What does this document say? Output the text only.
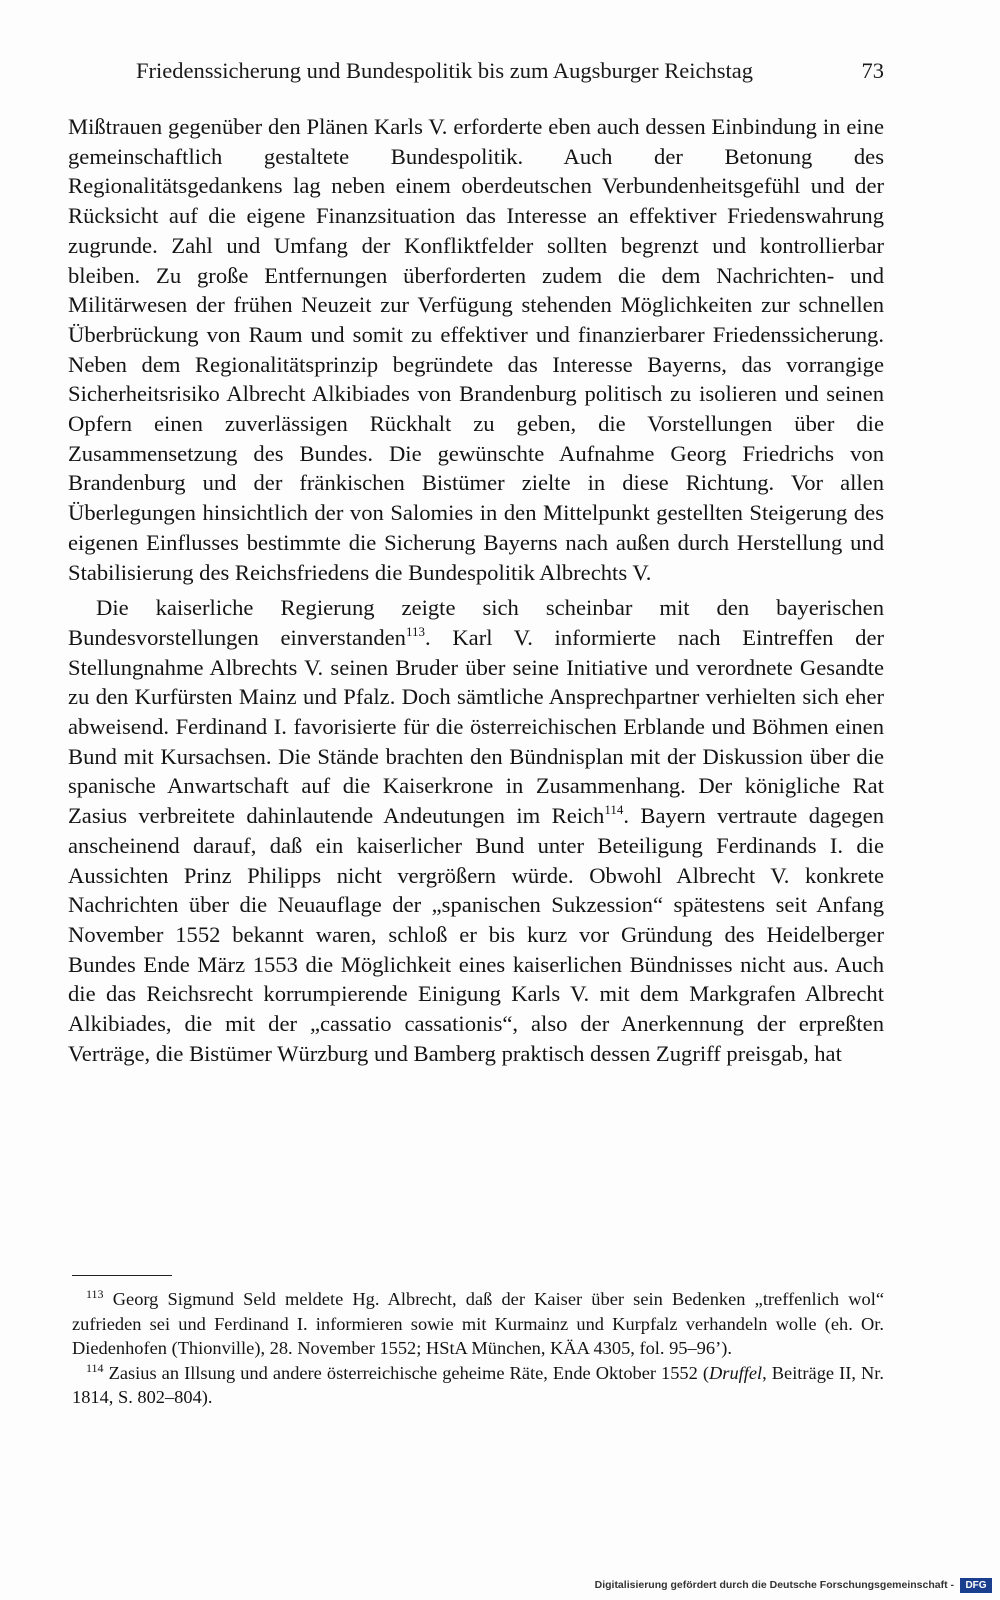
Friedenssicherung und Bundespolitik bis zum Augsburger Reichstag	73

Mißtrauen gegenüber den Plänen Karls V. erforderte eben auch dessen Einbindung in eine gemeinschaftlich gestaltete Bundespolitik. Auch der Betonung des Regionalitätsgedankens lag neben einem oberdeutschen Verbundenheitsgefühl und der Rücksicht auf die eigene Finanzsituation das Interesse an effektiver Friedenswahrung zugrunde. Zahl und Umfang der Konfliktfelder sollten begrenzt und kontrollierbar bleiben. Zu große Entfernungen überforderten zudem die dem Nachrichten- und Militärwesen der frühen Neuzeit zur Verfügung stehenden Möglichkeiten zur schnellen Überbrückung von Raum und somit zu effektiver und finanzierbarer Friedenssicherung. Neben dem Regionalitätsprinzip begründete das Interesse Bayerns, das vorrangige Sicherheitsrisiko Albrecht Alkibiades von Brandenburg politisch zu isolieren und seinen Opfern einen zuverlässigen Rückhalt zu geben, die Vorstellungen über die Zusammensetzung des Bundes. Die gewünschte Aufnahme Georg Friedrichs von Brandenburg und der fränkischen Bistümer zielte in diese Richtung. Vor allen Überlegungen hinsichtlich der von Salomies in den Mittelpunkt gestellten Steigerung des eigenen Einflusses bestimmte die Sicherung Bayerns nach außen durch Herstellung und Stabilisierung des Reichsfriedens die Bundespolitik Albrechts V.

Die kaiserliche Regierung zeigte sich scheinbar mit den bayerischen Bundesvorstellungen einverstanden$^{113}$. Karl V. informierte nach Eintreffen der Stellungnahme Albrechts V. seinen Bruder über seine Initiative und verordnete Gesandte zu den Kurfürsten Mainz und Pfalz. Doch sämtliche Ansprechpartner verhielten sich eher abweisend. Ferdinand I. favorisierte für die österreichischen Erblande und Böhmen einen Bund mit Kursachsen. Die Stände brachten den Bündnisplan mit der Diskussion über die spanische Anwartschaft auf die Kaiserkrone in Zusammenhang. Der königliche Rat Zasius verbreitete dahinlautende Andeutungen im Reich$^{114}$. Bayern vertraute dagegen anscheinend darauf, daß ein kaiserlicher Bund unter Beteiligung Ferdinands I. die Aussichten Prinz Philipps nicht vergrößern würde. Obwohl Albrecht V. konkrete Nachrichten über die Neuauflage der „spanischen Sukzession“ spätestens seit Anfang November 1552 bekannt waren, schloß er bis kurz vor Gründung des Heidelberger Bundes Ende März 1553 die Möglichkeit eines kaiserlichen Bündnisses nicht aus. Auch die das Reichsrecht korrumpierende Einigung Karls V. mit dem Markgrafen Albrecht Alkibiades, die mit der „cassatio cassationis“, also der Anerkennung der erpreßten Verträge, die Bistümer Würzburg und Bamberg praktisch dessen Zugriff preisgab, hat

$^{113}$ Georg Sigmund Seld meldete Hg. Albrecht, daß der Kaiser über sein Bedenken „treffenlich wol“ zufrieden sei und Ferdinand I. informieren sowie mit Kurmainz und Kurpfalz verhandeln wolle (eh. Or. Diedenhofen (Thionville), 28. November 1552; HStA München, KÄA 4305, fol. 95–96’).

$^{114}$ Zasius an Illsung und andere österreichische geheime Räte, Ende Oktober 1552 (Druffel, Beiträge II, Nr. 1814, S. 802–804).

Digitalisierung gefördert durch die Deutsche Forschungsgemeinschaft -	DFG
